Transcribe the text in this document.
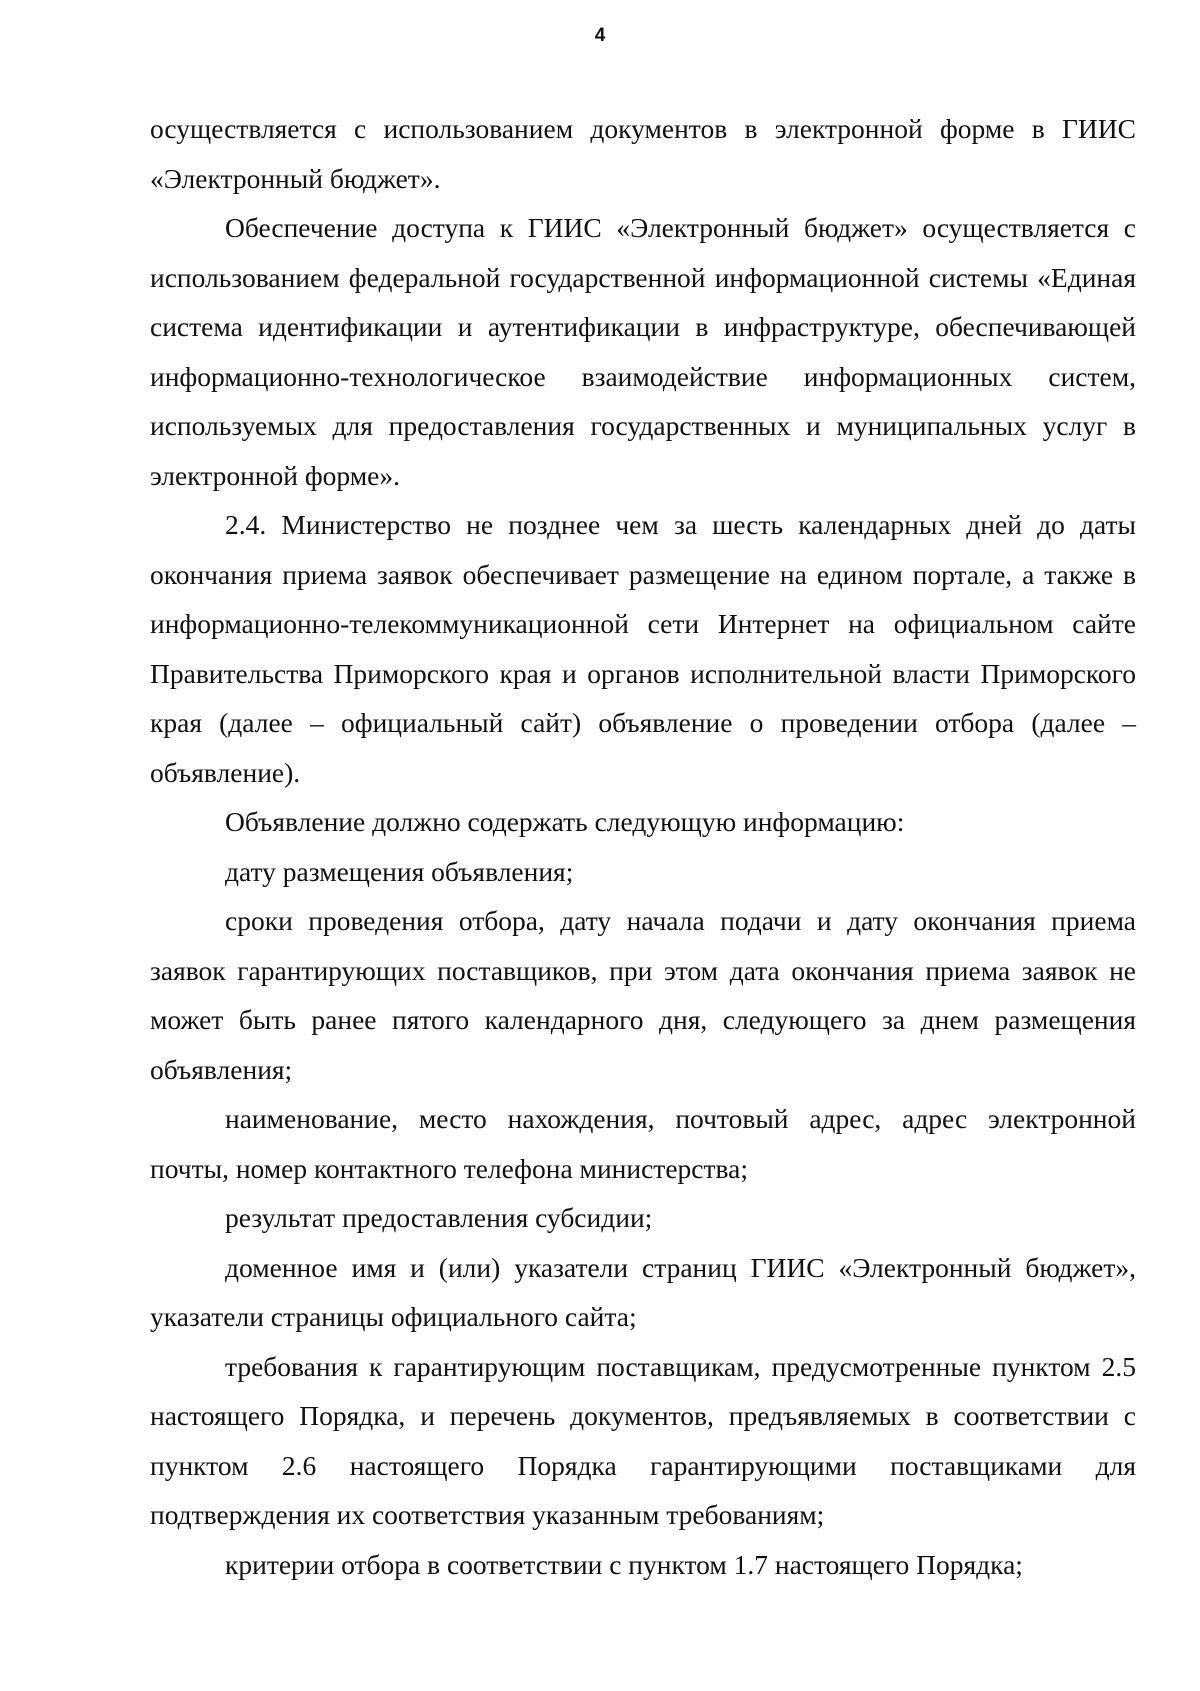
4

осуществляется с использованием документов в электронной форме в ГИИС «Электронный бюджет».

Обеспечение доступа к ГИИС «Электронный бюджет» осуществляется с использованием федеральной государственной информационной системы «Единая система идентификации и аутентификации в инфраструктуре, обеспечивающей информационно-технологическое взаимодействие информационных систем, используемых для предоставления государственных и муниципальных услуг в электронной форме».

2.4. Министерство не позднее чем за шесть календарных дней до даты окончания приема заявок обеспечивает размещение на едином портале, а также в информационно-телекоммуникационной сети Интернет на официальном сайте Правительства Приморского края и органов исполнительной власти Приморского края (далее – официальный сайт) объявление о проведении отбора (далее – объявление).

Объявление должно содержать следующую информацию:

дату размещения объявления;

сроки проведения отбора, дату начала подачи и дату окончания приема заявок гарантирующих поставщиков, при этом дата окончания приема заявок не может быть ранее пятого календарного дня, следующего за днем размещения объявления;

наименование, место нахождения, почтовый адрес, адрес электронной почты, номер контактного телефона министерства;

результат предоставления субсидии;

доменное имя и (или) указатели страниц ГИИС «Электронный бюджет», указатели страницы официального сайта;

требования к гарантирующим поставщикам, предусмотренные пунктом 2.5 настоящего Порядка, и перечень документов, предъявляемых в соответствии с пунктом 2.6 настоящего Порядка гарантирующими поставщиками для подтверждения их соответствия указанным требованиям;

критерии отбора в соответствии с пунктом 1.7 настоящего Порядка;
